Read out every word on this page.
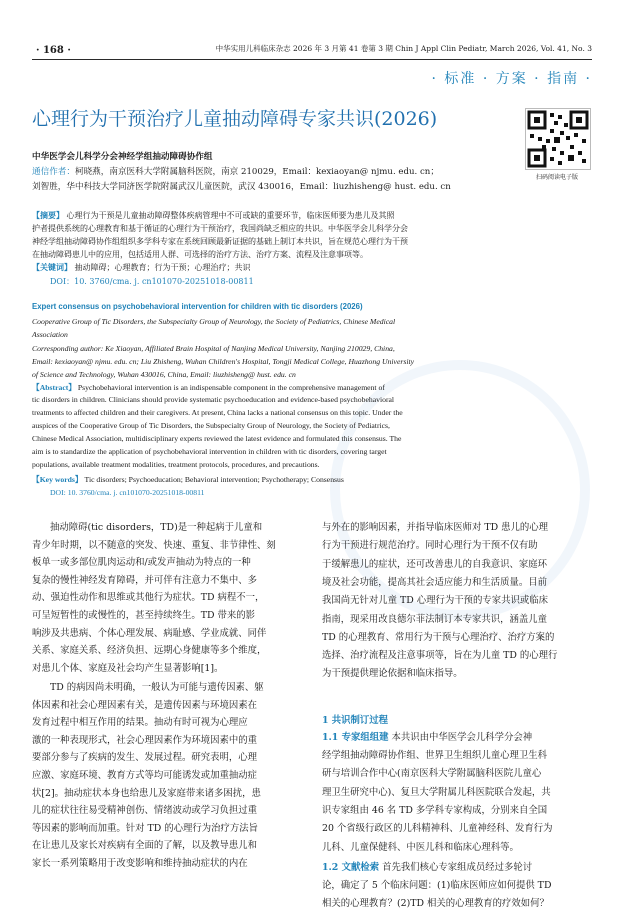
· 168 ·	中华实用儿科临床杂志 2026 年 3 月第 41 卷第 3 期 Chin J Appl Clin Pediatr, March 2026, Vol. 41, No. 3
· 标准 · 方案 · 指南 ·
心理行为干预治疗儿童抽动障碍专家共识(2026)
扫码阅读电子版
中华医学会儿科学分会神经学组抽动障碍协作组
通信作者：柯晓燕，南京医科大学附属脑科医院，南京 210029，Email：kexiaoyan@ njmu. edu. cn；
刘智胜，华中科技大学同济医学院附属武汉儿童医院，武汉 430016，Email：liuzhisheng@ hust. edu. cn
【摘要】 心理行为干预是儿童抽动障碍整体疾病管理中不可或缺的重要环节，临床医师要为患儿及其照
护者提供系统的心理教育和基于循证的心理行为干预治疗，我国尚缺乏相应的共识。中华医学会儿科学分会
神经学组抽动障碍协作组组织多学科专家在系统回顾最新证据的基础上制订本共识，旨在规范心理行为干预
在抽动障碍患儿中的应用，包括适用人群、可选择的治疗方法、治疗方案、流程及注意事项等。
【关键词】 抽动障碍；心理教育；行为干预；心理治疗；共识
DOI：10. 3760/cma. j. cn101070-20251018-00811
Expert consensus on psychobehavioral intervention for children with tic disorders (2026)
Cooperative Group of Tic Disorders, the Subspecialty Group of Neurology, the Society of Pediatrics, Chinese Medical
Association
Corresponding author: Ke Xiaoyan, Affiliated Brain Hospital of Nanjing Medical University, Nanjing 210029, China,
Email: kexiaoyan@ njmu. edu. cn; Liu Zhisheng, Wuhan Children's Hospital, Tongji Medical College, Huazhong University
of Science and Technology, Wuhan 430016, China, Email: liuzhisheng@ hust. edu. cn
【Abstract】 Psychobehavioral intervention is an indispensable component in the comprehensive management of
tic disorders in children. Clinicians should provide systematic psychoeducation and evidence-based psychobehavioral
treatments to affected children and their caregivers. At present, China lacks a national consensus on this topic. Under the
auspices of the Cooperative Group of Tic Disorders, the Subspecialty Group of Neurology, the Society of Pediatrics,
Chinese Medical Association, multidisciplinary experts reviewed the latest evidence and formulated this consensus. The
aim is to standardize the application of psychobehavioral intervention in children with tic disorders, covering target
populations, available treatment modalities, treatment protocols, procedures, and precautions.
【Key words】 Tic disorders; Psychoeducation; Behavioral intervention; Psychotherapy; Consensus
DOI: 10. 3760/cma. j. cn101070-20251018-00811
抽动障碍(tic disorders，TD)是一种起病于儿童和
青少年时期，以不随意的突发、快速、重复、非节律性、刻
板单一或多部位肌肉运动和/或发声抽动为特点的一种
复杂的慢性神经发育障碍，并可伴有注意力不集中、多
动、强迫性动作和思维或其他行为症状。TD 病程不一，
可呈短暂性的或慢性的，甚至持续终生。TD 带来的影
响涉及共患病、个体心理发展、病耻感、学业成就、同伴
关系、家庭关系、经济负担、远期心身健康等多个维度，
对患儿个体、家庭及社会均产生显著影响[1]。
TD 的病因尚未明确，一般认为可能与遗传因素、躯
体因素和社会心理因素有关，是遗传因素与环境因素在
发育过程中相互作用的结果。抽动有时可视为心理应
激的一种表现形式，社会心理因素作为环境因素中的重
要部分参与了疾病的发生、发展过程。研究表明，心理
应激、家庭环境、教育方式等均可能诱发或加重抽动症
状[2]。抽动症状本身也给患儿及家庭带来诸多困扰，患
儿的症状往往易受精神创伤、情绪波动或学习负担过重
等因素的影响而加重。针对 TD 的心理行为治疗方法旨
在让患儿及家长对疾病有全面的了解，以及教导患儿和
家长一系列策略用于改变影响和维持抽动症状的内在
与外在的影响因素，并指导临床医师对 TD 患儿的心理
行为干预进行规范治疗。同时心理行为干预不仅有助
于缓解患儿的症状，还可改善患儿的自我意识、家庭环
境及社会功能，提高其社会适应能力和生活质量。目前
我国尚无针对儿童 TD 心理行为干预的专家共识或临床
指南，现采用改良德尔菲法制订本专家共识，涵盖儿童
TD 的心理教育、常用行为干预与心理治疗、治疗方案的
选择、治疗流程及注意事项等，旨在为儿童 TD 的心理行
为干预提供理论依据和临床指导。
1 共识制订过程
1.1 专家组组建 本共识由中华医学会儿科学分会神
经学组抽动障碍协作组、世界卫生组织儿童心理卫生科
研与培训合作中心(南京医科大学附属脑科医院儿童心
理卫生研究中心)、复旦大学附属儿科医院联合发起，共
识专家组由 46 名 TD 多学科专家构成，分别来自全国
20 个省级行政区的儿科精神科、儿童神经科、发育行为
儿科、儿童保健科、中医儿科和临床心理科等。
1.2 文献检索 首先我们核心专家组成员经过多轮讨
论，确定了 5 个临床问题：(1)临床医师应如何提供 TD
相关的心理教育？(2)TD 相关的心理教育的疗效如何？
